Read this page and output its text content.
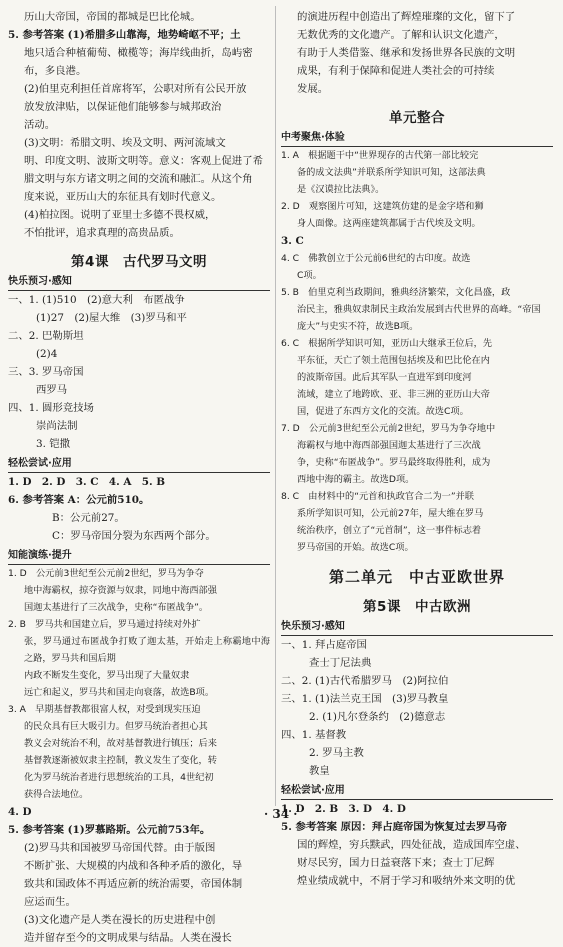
历山大帝国，帝国的都城是巴比伦城。
5. 参考答案 (1)希腊多山靠海，地势崎岖不平；土
地只适合种植葡萄、橄榄等；海岸线曲折，岛屿密
布，多良港。
(2)伯里克利担任首席将军，公职对所有公民开放
放发放津贴，以保证他们能够参与城邦政治
活动。
(3)文明：希腊文明、埃及文明、两河流域文
明、印度文明、波斯文明等。意义：客观上促进了希
腊文明与东方诸文明之间的交流和融汇。从这个角
度来说，亚历山大的东征具有划时代意义。
(4)柏拉图。说明了亚里士多德不畏权威，
不怕批评，追求真理的高贵品质。
第4课　古代罗马文明
快乐预习·感知
一、1. (1)510　(2)意大利　布匿战争
(1)27　(2)屋大维　(3)罗马和平
二、2. 巴勒斯坦
(2)4
三、3. 罗马帝国
西罗马
四、1. 圆形竞技场
崇尚法制
3. 铠撒
轻松尝试·应用
1. D　2. D　3. C　4. A　5. B
6. 参考答案 A：公元前510。
B：公元前27。
C：罗马帝国分裂为东西两个部分。
知能演练·提升
1. D　公元前3世纪至公元前2世纪，罗马为争夺
地中海霸权，掠夺资源与奴隶，同地中海西部强
国迦太基进行了三次战争，史称“布匿战争”。
2. B　罗马共和国建立后，罗马通过持续对外扩
张，罗马通过布匿战争打败了迦太基，开始走上称霸地中海之路，罗马共和国后期
内政不断发生变化，罗马出现了大量奴隶
远亡和起义，罗马共和国走向衰落，故选B项。
3. A　早期基督教都很富人权，对受到现实压迫
的民众具有巨大吸引力。但罗马统治者担心其
教义会对统治不利，故对基督教进行镇压；后来
基督教逐渐被奴隶主控制，教义发生了变化，转
化为罗马统治者进行思想统治的工具，4世纪初
获得合法地位。
4. D
5. 参考答案 (1)罗慕路斯。公元前753年。
(2)罗马共和国被罗马帝国代替。由于版图
不断扩张、大规模的内战和各种矛盾的激化，导
致共和国政体不再适应新的统治需要，帝国体制
应运而生。
(3)文化遗产是人类在漫长的历史进程中创
造并留存至今的文明成果与结晶。人类在漫长
的演进历程中创造出了辉煌璀璨的文化，留下了
无数优秀的文化遗产。了解和认识文化遗产，
有助于人类借鉴、继承和发扬世界各民族的文明
成果，有利于保障和促进人类社会的可持续
发展。
单元整合
中考聚焦·体验
1. A　根据题干中“世界现存的古代第一部比较完
备的成文法典”并联系所学知识可知，这部法典
是《汉谟拉比法典》。
2. D　观察图片可知，这建筑仿建的是金字塔和狮
身人面像。这两座建筑都属于古代埃及文明。
3. C
4. C　佛教创立于公元前6世纪的古印度。故选
C项。
5. B　伯里克利当政期间，雅典经济繁荣，文化昌盛，政
治民主，雅典奴隶制民主政治发展到古代世界的高峰。“帝国
庞大”与史实不符，故选B项。
6. C　根据所学知识可知，亚历山大继承王位后，先
平东征，天亡了领土范围包括埃及和巴比伦在内
的波斯帝国。此后其军队一直进军到印度河
流域，建立了地跨欧、亚、非三洲的亚历山大帝
国，促进了东西方文化的交流。故选C项。
7. D　公元前3世纪至公元前2世纪，罗马为争夺地中
海霸权与地中海西部强国迦太基进行了三次战
争，史称“布匿战争”。罗马最终取得胜利，成为
西地中海的霸主。故选D项。
8. C　由材料中的“元首和执政官合二为一”并联
系所学知识可知，公元前27年，屋大维在罗马
统治秩序，创立了“元首制”，这一事件标志着
罗马帝国的开始。故选C项。
第二单元　中古亚欧世界
第5课　中古欧洲
快乐预习·感知
一、1. 拜占庭帝国
查士丁尼法典
二、2. (1)古代希腊罗马　(2)阿拉伯
三、1. (1)法兰克王国　(3)罗马教皇
2. (1)凡尔登条约　(2)德意志
四、1. 基督教
2. 罗马主教
教皇
轻松尝试·应用
1. D　2. B　3. D　4. D
5. 参考答案 原因：拜占庭帝国为恢复过去罗马帝
国的辉煌，穷兵黩武，四处征战，造成国库空虚、
财尽民穷，国力日益衰落下来；查士丁尼辉
煌业绩成就中，不屑于学习和吸纳外来文明的优
· 34 ·
